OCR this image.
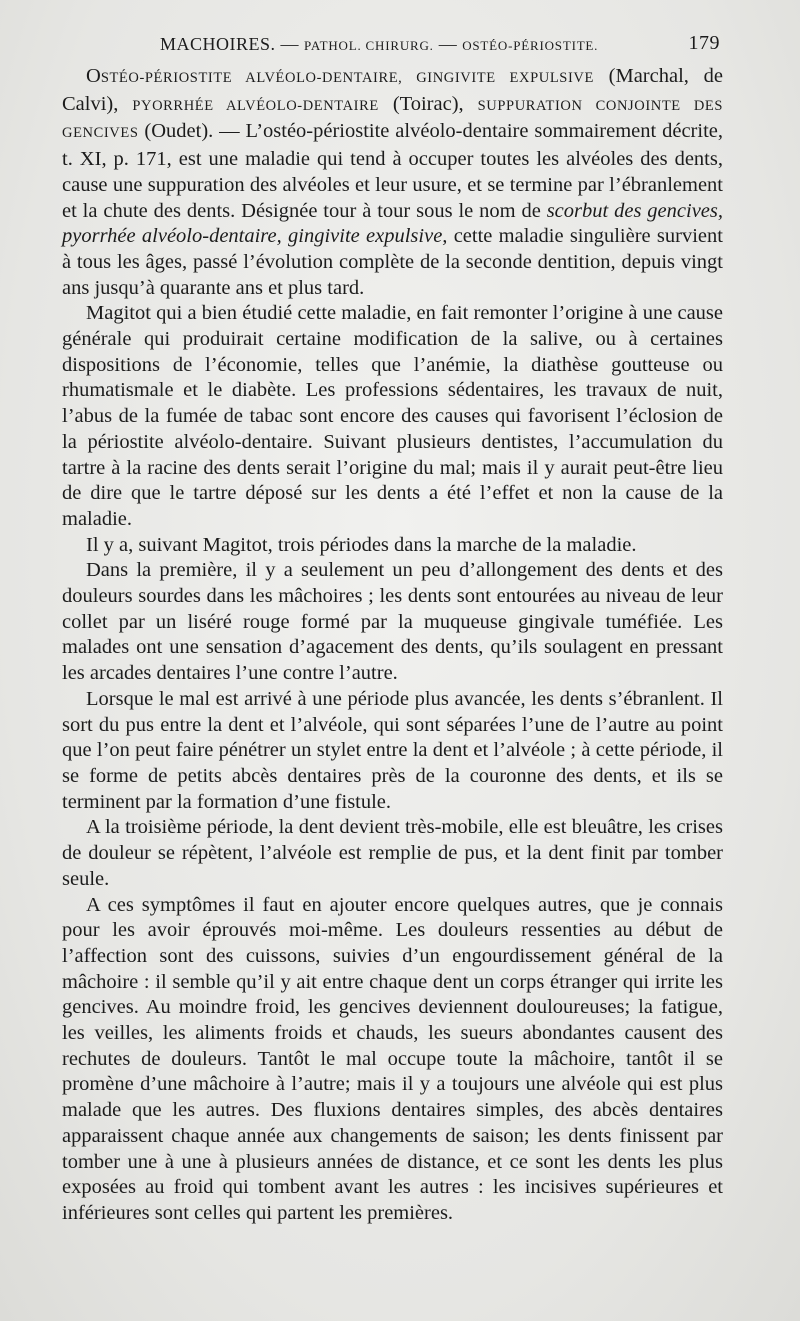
MACHOIRES. — PATHOL. CHIRURG. — OSTÉO-PÉRIOSTITE.	179

OSTÉO-PÉRIOSTITE ALVÉOLO-DENTAIRE, GINGIVITE EXPULSIVE (Marchal, de Calvi), PYORRHÉE ALVÉOLO-DENTAIRE (Toirac), SUPPURATION CONJOINTE DES GENCIVES (Oudet). — L’ostéo-périostite alvéolo-dentaire sommairement décrite, t. XI, p. 171, est une maladie qui tend à occuper toutes les alvéoles des dents, cause une suppuration des alvéoles et leur usure, et se termine par l’ébranlement et la chute des dents. Désignée tour à tour sous le nom de scorbut des gencives, pyorrhée alvéolo-dentaire, gingivite expulsive, cette maladie singulière survient à tous les âges, passé l’évolution complète de la seconde dentition, depuis vingt ans jusqu’à quarante ans et plus tard.

Magitot qui a bien étudié cette maladie, en fait remonter l’origine à une cause générale qui produirait certaine modification de la salive, ou à certaines dispositions de l’économie, telles que l’anémie, la diathèse goutteuse ou rhumatismale et le diabète. Les professions sédentaires, les travaux de nuit, l’abus de la fumée de tabac sont encore des causes qui favorisent l’éclosion de la périostite alvéolo-dentaire. Suivant plusieurs dentistes, l’accumulation du tartre à la racine des dents serait l’origine du mal; mais il y aurait peut-être lieu de dire que le tartre déposé sur les dents a été l’effet et non la cause de la maladie.

Il y a, suivant Magitot, trois périodes dans la marche de la maladie.

Dans la première, il y a seulement un peu d’allongement des dents et des douleurs sourdes dans les mâchoires ; les dents sont entourées au niveau de leur collet par un liséré rouge formé par la muqueuse gingivale tuméfiée. Les malades ont une sensation d’agacement des dents, qu’ils soulagent en pressant les arcades dentaires l’une contre l’autre.

Lorsque le mal est arrivé à une période plus avancée, les dents s’ébranlent. Il sort du pus entre la dent et l’alvéole, qui sont séparées l’une de l’autre au point que l’on peut faire pénétrer un stylet entre la dent et l’alvéole ; à cette période, il se forme de petits abcès dentaires près de la couronne des dents, et ils se terminent par la formation d’une fistule.

A la troisième période, la dent devient très-mobile, elle est bleuâtre, les crises de douleur se répètent, l’alvéole est remplie de pus, et la dent finit par tomber seule.

A ces symptômes il faut en ajouter encore quelques autres, que je connais pour les avoir éprouvés moi-même. Les douleurs ressenties au début de l’affection sont des cuissons, suivies d’un engourdissement général de la mâchoire : il semble qu’il y ait entre chaque dent un corps étranger qui irrite les gencives. Au moindre froid, les gencives deviennent douloureuses; la fatigue, les veilles, les aliments froids et chauds, les sueurs abondantes causent des rechutes de douleurs. Tantôt le mal occupe toute la mâchoire, tantôt il se promène d’une mâchoire à l’autre; mais il y a toujours une alvéole qui est plus malade que les autres. Des fluxions dentaires simples, des abcès dentaires apparaissent chaque année aux changements de saison; les dents finissent par tomber une à une à plusieurs années de distance, et ce sont les dents les plus exposées au froid qui tombent avant les autres : les incisives supérieures et inférieures sont celles qui partent les premières.
